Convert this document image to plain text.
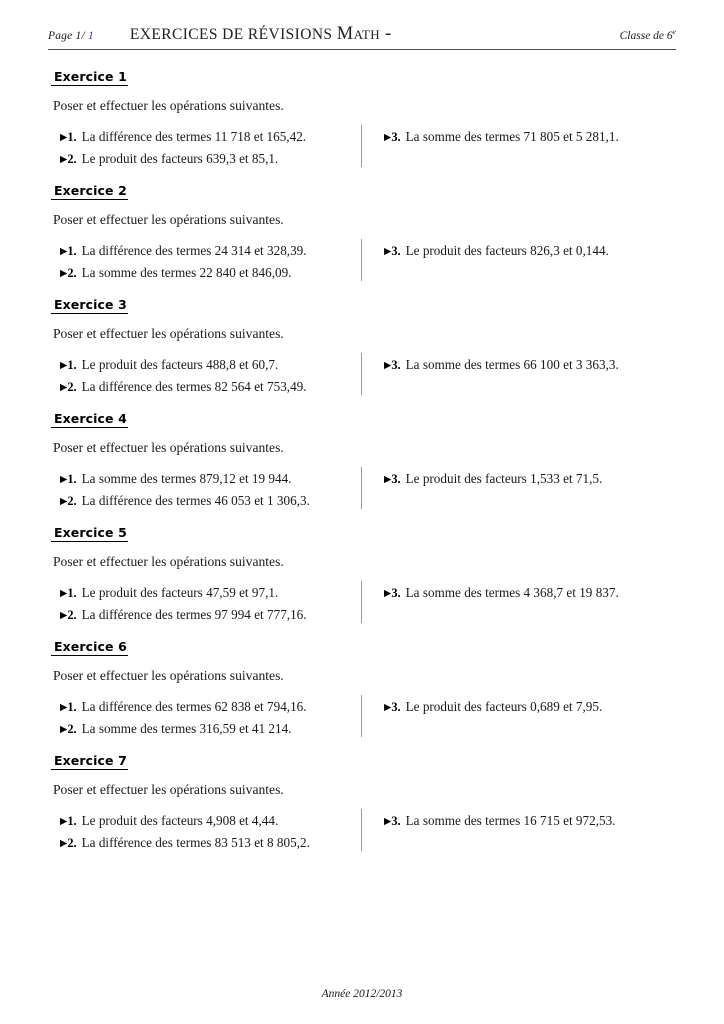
Page 1/ 1	EXERCICES DE RÉVISIONS Math -	Classe de 6e
Exercice 1
Poser et effectuer les opérations suivantes.
▶1. La différence des termes 11 718 et 165,42.
▶2. Le produit des facteurs 639,3 et 85,1.
▶3. La somme des termes 71 805 et 5 281,1.
Exercice 2
Poser et effectuer les opérations suivantes.
▶1. La différence des termes 24 314 et 328,39.
▶2. La somme des termes 22 840 et 846,09.
▶3. Le produit des facteurs 826,3 et 0,144.
Exercice 3
Poser et effectuer les opérations suivantes.
▶1. Le produit des facteurs 488,8 et 60,7.
▶2. La différence des termes 82 564 et 753,49.
▶3. La somme des termes 66 100 et 3 363,3.
Exercice 4
Poser et effectuer les opérations suivantes.
▶1. La somme des termes 879,12 et 19 944.
▶2. La différence des termes 46 053 et 1 306,3.
▶3. Le produit des facteurs 1,533 et 71,5.
Exercice 5
Poser et effectuer les opérations suivantes.
▶1. Le produit des facteurs 47,59 et 97,1.
▶2. La différence des termes 97 994 et 777,16.
▶3. La somme des termes 4 368,7 et 19 837.
Exercice 6
Poser et effectuer les opérations suivantes.
▶1. La différence des termes 62 838 et 794,16.
▶2. La somme des termes 316,59 et 41 214.
▶3. Le produit des facteurs 0,689 et 7,95.
Exercice 7
Poser et effectuer les opérations suivantes.
▶1. Le produit des facteurs 4,908 et 4,44.
▶2. La différence des termes 83 513 et 8 805,2.
▶3. La somme des termes 16 715 et 972,53.
Année 2012/2013
